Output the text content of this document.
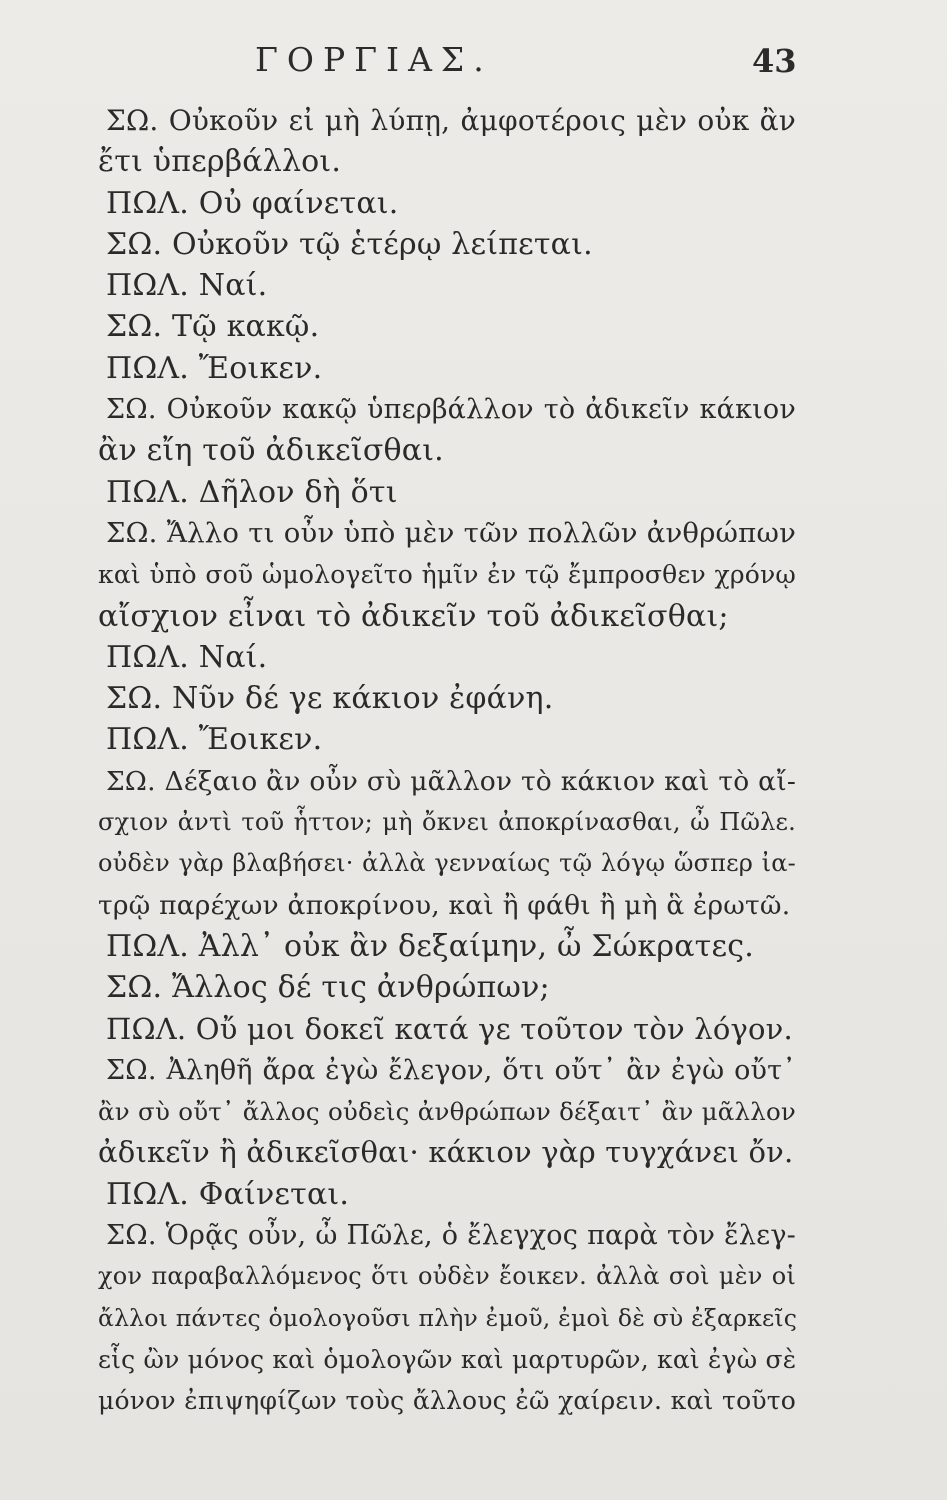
ΓΟΡΓΙΑΣ.	43
ΣΩ. Οὐκοῦν εἰ μὴ λύπῃ, ἀμφοτέροις μὲν οὐκ ἂν
ἔτι ὑπερβάλλοι.
ΠΩΛ. Οὐ φαίνεται.
ΣΩ. Οὐκοῦν τῷ ἑτέρῳ λείπεται.
ΠΩΛ. Ναί.
ΣΩ. Τῷ κακῷ.
ΠΩΛ. Ἔοικεν.
ΣΩ. Οὐκοῦν κακῷ ὑπερβάλλον τὸ ἀδικεῖν κάκιον
ἂν εἴη τοῦ ἀδικεῖσθαι.
ΠΩΛ. Δῆλον δὴ ὅτι
ΣΩ. Ἄλλο τι οὖν ὑπὸ μὲν τῶν πολλῶν ἀνθρώπων
καὶ ὑπὸ σοῦ ὡμολογεῖτο ἡμῖν ἐν τῷ ἔμπροσθεν χρόνῳ
αἴσχιον εἶναι τὸ ἀδικεῖν τοῦ ἀδικεῖσθαι;
ΠΩΛ. Ναί.
ΣΩ. Νῦν δέ γε κάκιον ἐφάνη.
ΠΩΛ. Ἔοικεν.
ΣΩ. Δέξαιο ἂν οὖν σὺ μᾶλλον τὸ κάκιον καὶ τὸ αἴ-
σχιον ἀντὶ τοῦ ἧττον; μὴ ὄκνει ἀποκρίνασθαι, ὦ Πῶλε.
οὐδὲν γὰρ βλαβήσει· ἀλλὰ γενναίως τῷ λόγῳ ὥσπερ ἰα-
τρῷ παρέχων ἀποκρίνου, καὶ ἢ φάθι ἢ μὴ ἃ ἐρωτῶ.
ΠΩΛ. Ἀλλ᾽ οὐκ ἂν δεξαίμην, ὦ Σώκρατες.
ΣΩ. Ἄλλος δέ τις ἀνθρώπων;
ΠΩΛ. Οὔ μοι δοκεῖ κατά γε τοῦτον τὸν λόγον.
ΣΩ. Ἀληθῆ ἄρα ἐγὼ ἔλεγον, ὅτι οὔτ᾽ ἂν ἐγὼ οὔτ᾽
ἂν σὺ οὔτ᾽ ἄλλος οὐδεὶς ἀνθρώπων δέξαιτ᾽ ἂν μᾶλλον
ἀδικεῖν ἢ ἀδικεῖσθαι· κάκιον γὰρ τυγχάνει ὄν.
ΠΩΛ. Φαίνεται.
ΣΩ. Ὁρᾷς οὖν, ὦ Πῶλε, ὁ ἔλεγχος παρὰ τὸν ἔλεγ-
χον παραβαλλόμενος ὅτι οὐδὲν ἔοικεν. ἀλλὰ σοὶ μὲν οἱ
ἄλλοι πάντες ὁμολογοῦσι πλὴν ἐμοῦ, ἐμοὶ δὲ σὺ ἐξαρκεῖς
εἷς ὢν μόνος καὶ ὁμολογῶν καὶ μαρτυρῶν, καὶ ἐγὼ σὲ
μόνον ἐπιψηφίζων τοὺς ἄλλους ἐῶ χαίρειν. καὶ τοῦτο
